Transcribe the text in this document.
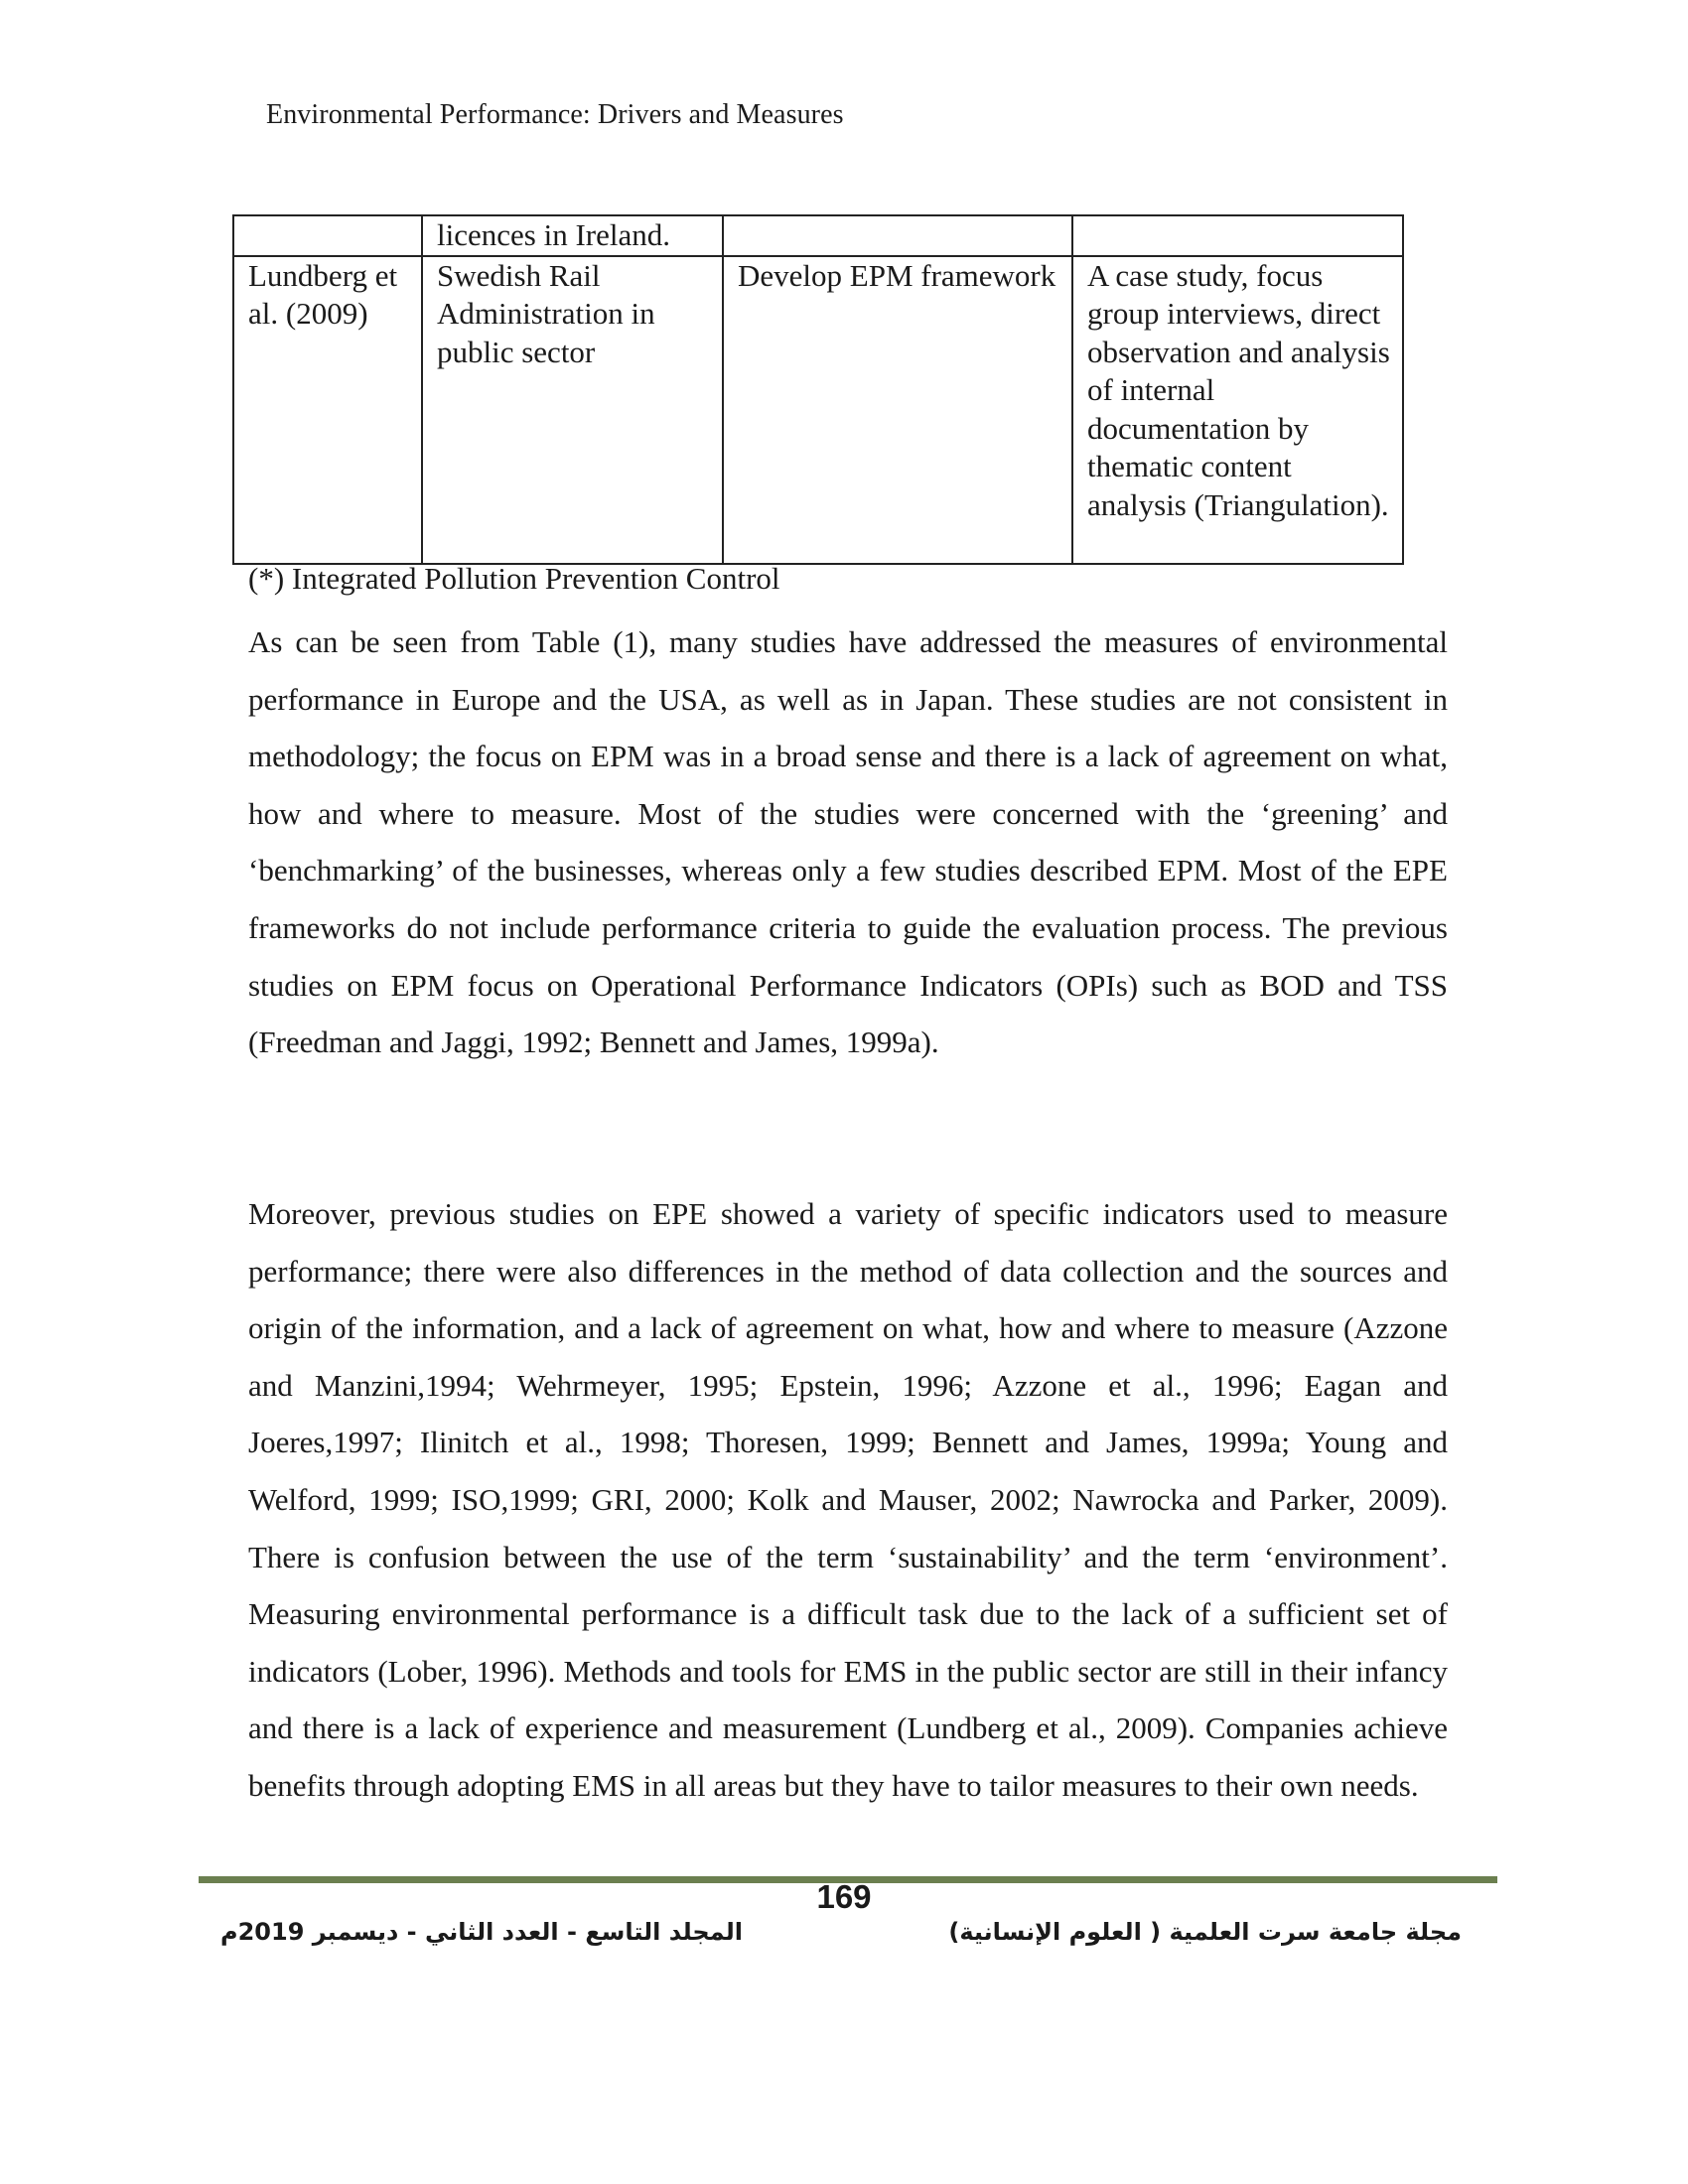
Environmental Performance: Drivers and Measures
	licences in Ireland.		
Lundberg et al. (2009)	Swedish Rail Administration in public sector	Develop EPM framework	A case study, focus group interviews, direct observation and analysis of internal documentation by thematic content analysis (Triangulation).
(*) Integrated Pollution Prevention Control

As can be seen from Table (1), many studies have addressed the measures of environmental performance in Europe and the USA, as well as in Japan. These studies are not consistent in methodology; the focus on EPM was in a broad sense and there is a lack of agreement on what, how and where to measure. Most of the studies were concerned with the ‘greening’ and ‘benchmarking’ of the businesses, whereas only a few studies described EPM. Most of the EPE frameworks do not include performance criteria to guide the evaluation process. The previous studies on EPM focus on Operational Performance Indicators (OPIs) such as BOD and TSS (Freedman and Jaggi, 1992; Bennett and James, 1999a).

Moreover, previous studies on EPE showed a variety of specific indicators used to measure performance; there were also differences in the method of data collection and the sources and origin of the information, and a lack of agreement on what, how and where to measure (Azzone and Manzini,1994; Wehrmeyer, 1995; Epstein, 1996; Azzone et al., 1996; Eagan and Joeres,1997; Ilinitch et al., 1998; Thoresen, 1999; Bennett and James, 1999a; Young and Welford, 1999; ISO,1999; GRI, 2000; Kolk and Mauser, 2002; Nawrocka and Parker, 2009). There is confusion between the use of the term ‘sustainability’ and the term ‘environment’. Measuring environmental performance is a difficult task due to the lack of a sufficient set of indicators (Lober, 1996). Methods and tools for EMS in the public sector are still in their infancy and there is a lack of experience and measurement (Lundberg et al., 2009). Companies achieve benefits through adopting EMS in all areas but they have to tailor measures to their own needs.

169
المجلد التاسع - العدد الثاني - ديسمبر 2019م	مجلة جامعة سرت العلمية ( العلوم الإنسانية)
